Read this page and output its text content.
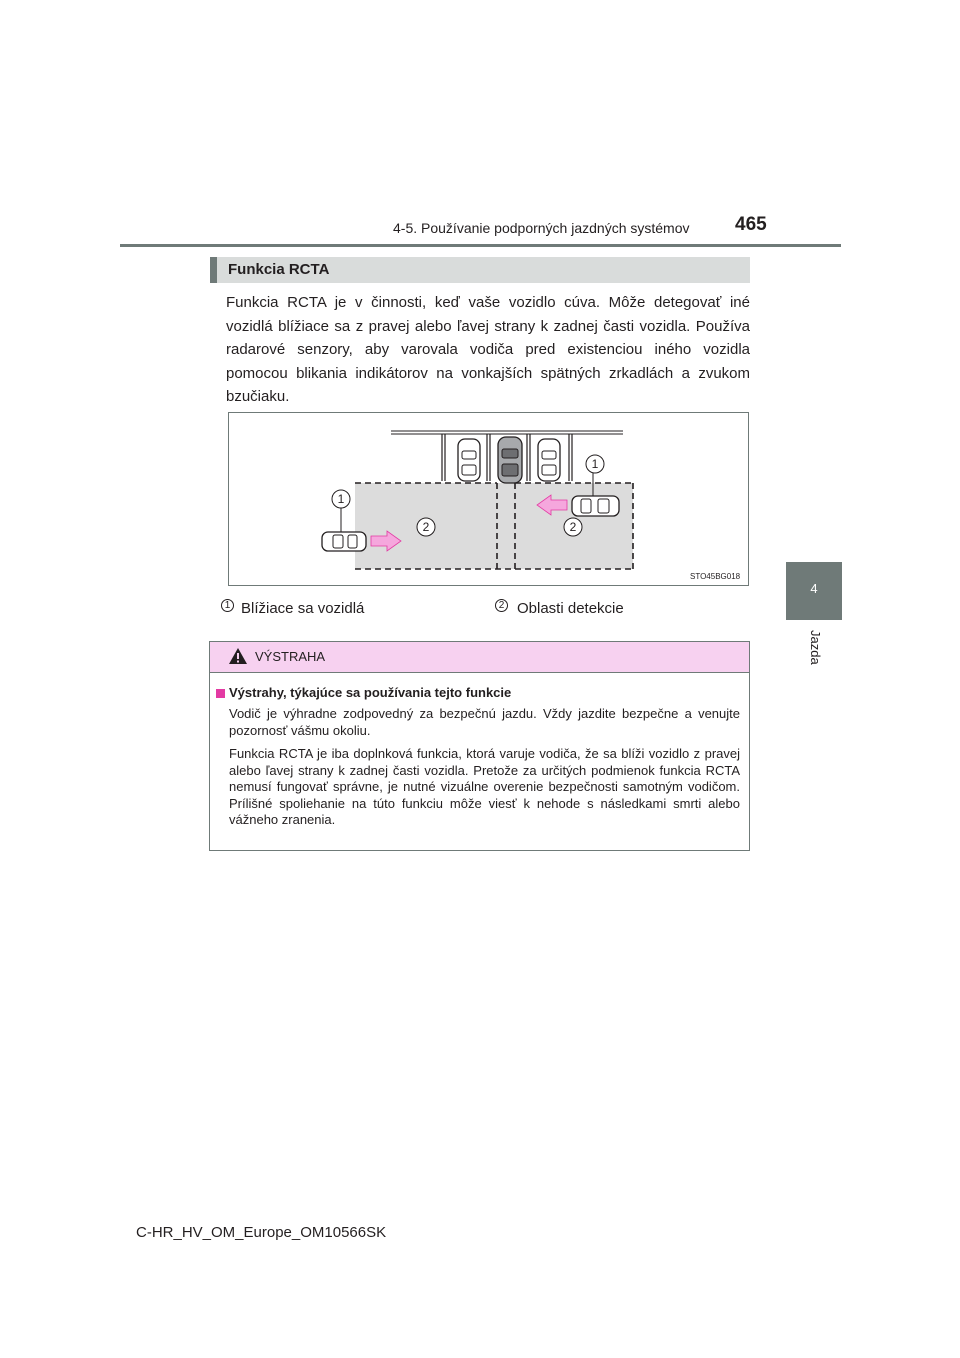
4-5. Používanie podporných jazdných systémov 465
4
Jazda
Funkcia RCTA
Funkcia RCTA je v činnosti, keď vaše vozidlo cúva. Môže detegovať iné vozidlá blížiace sa z pravej alebo ľavej strany k zadnej časti vozidla. Používa radarové senzory, aby varovala vodiča pred existenciou iného vozidla pomocou blikania indikátorov na vonkajších spätných zrkadlách a zvukom bzučiaku.
1
1
2	2
STO45BG018
1 Blížiace sa vozidlá	2 Oblasti detekcie
VÝSTRAHA
Výstrahy, týkajúce sa používania tejto funkcie
Vodič je výhradne zodpovedný za bezpečnú jazdu. Vždy jazdite bezpečne a venujte pozornosť vášmu okoliu.
Funkcia RCTA je iba doplnková funkcia, ktorá varuje vodiča, že sa blíži vozidlo z pravej alebo ľavej strany k zadnej časti vozidla. Pretože za určitých podmienok funkcia RCTA nemusí fungovať správne, je nutné vizuálne overenie bezpečnosti samotným vodičom. Prílišné spoliehanie na túto funkciu môže viesť k nehode s následkami smrti alebo vážneho zranenia.
C-HR_HV_OM_Europe_OM10566SK
